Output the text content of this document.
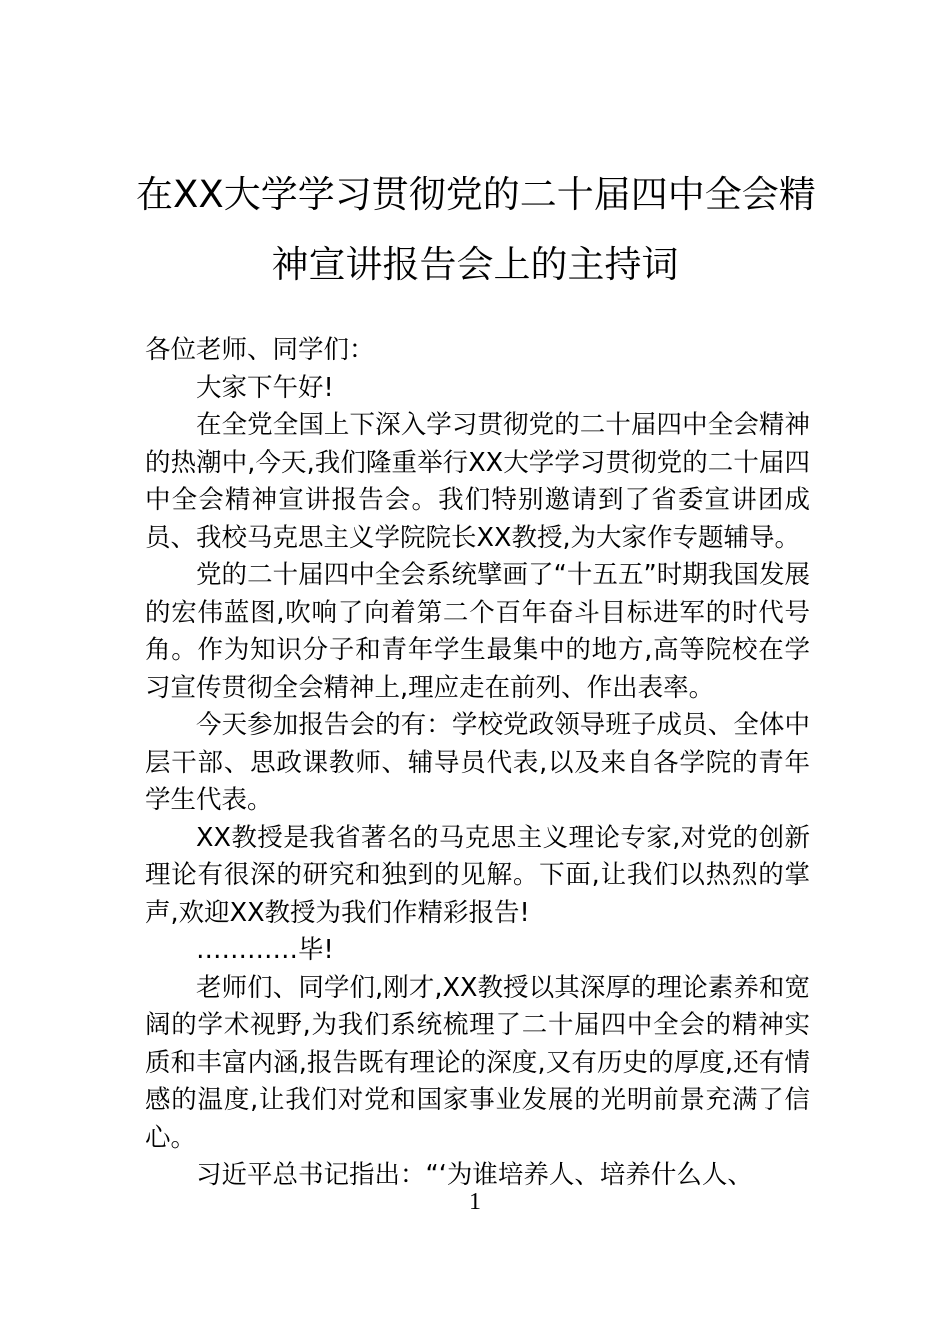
在XX大学学习贯彻党的二十届四中全会精
神宣讲报告会上的主持词

各位老师、同学们：

大家下午好!

在全党全国上下深入学习贯彻党的二十届四中全会精神的热潮中,今天,我们隆重举行XX大学学习贯彻党的二十届四中全会精神宣讲报告会。我们特别邀请到了省委宣讲团成员、我校马克思主义学院院长XX教授,为大家作专题辅导。

党的二十届四中全会系统擘画了“十五五”时期我国发展的宏伟蓝图,吹响了向着第二个百年奋斗目标进军的时代号角。作为知识分子和青年学生最集中的地方,高等院校在学习宣传贯彻全会精神上,理应走在前列、作出表率。

今天参加报告会的有：学校党政领导班子成员、全体中层干部、思政课教师、辅导员代表,以及来自各学院的青年学生代表。

XX教授是我省著名的马克思主义理论专家,对党的创新理论有很深的研究和独到的见解。下面,让我们以热烈的掌声,欢迎XX教授为我们作精彩报告!

…………毕!

老师们、同学们,刚才,XX教授以其深厚的理论素养和宽阔的学术视野,为我们系统梳理了二十届四中全会的精神实质和丰富内涵,报告既有理论的深度,又有历史的厚度,还有情感的温度,让我们对党和国家事业发展的光明前景充满了信心。

习近平总书记指出：“‘为谁培养人、培养什么人、

1
